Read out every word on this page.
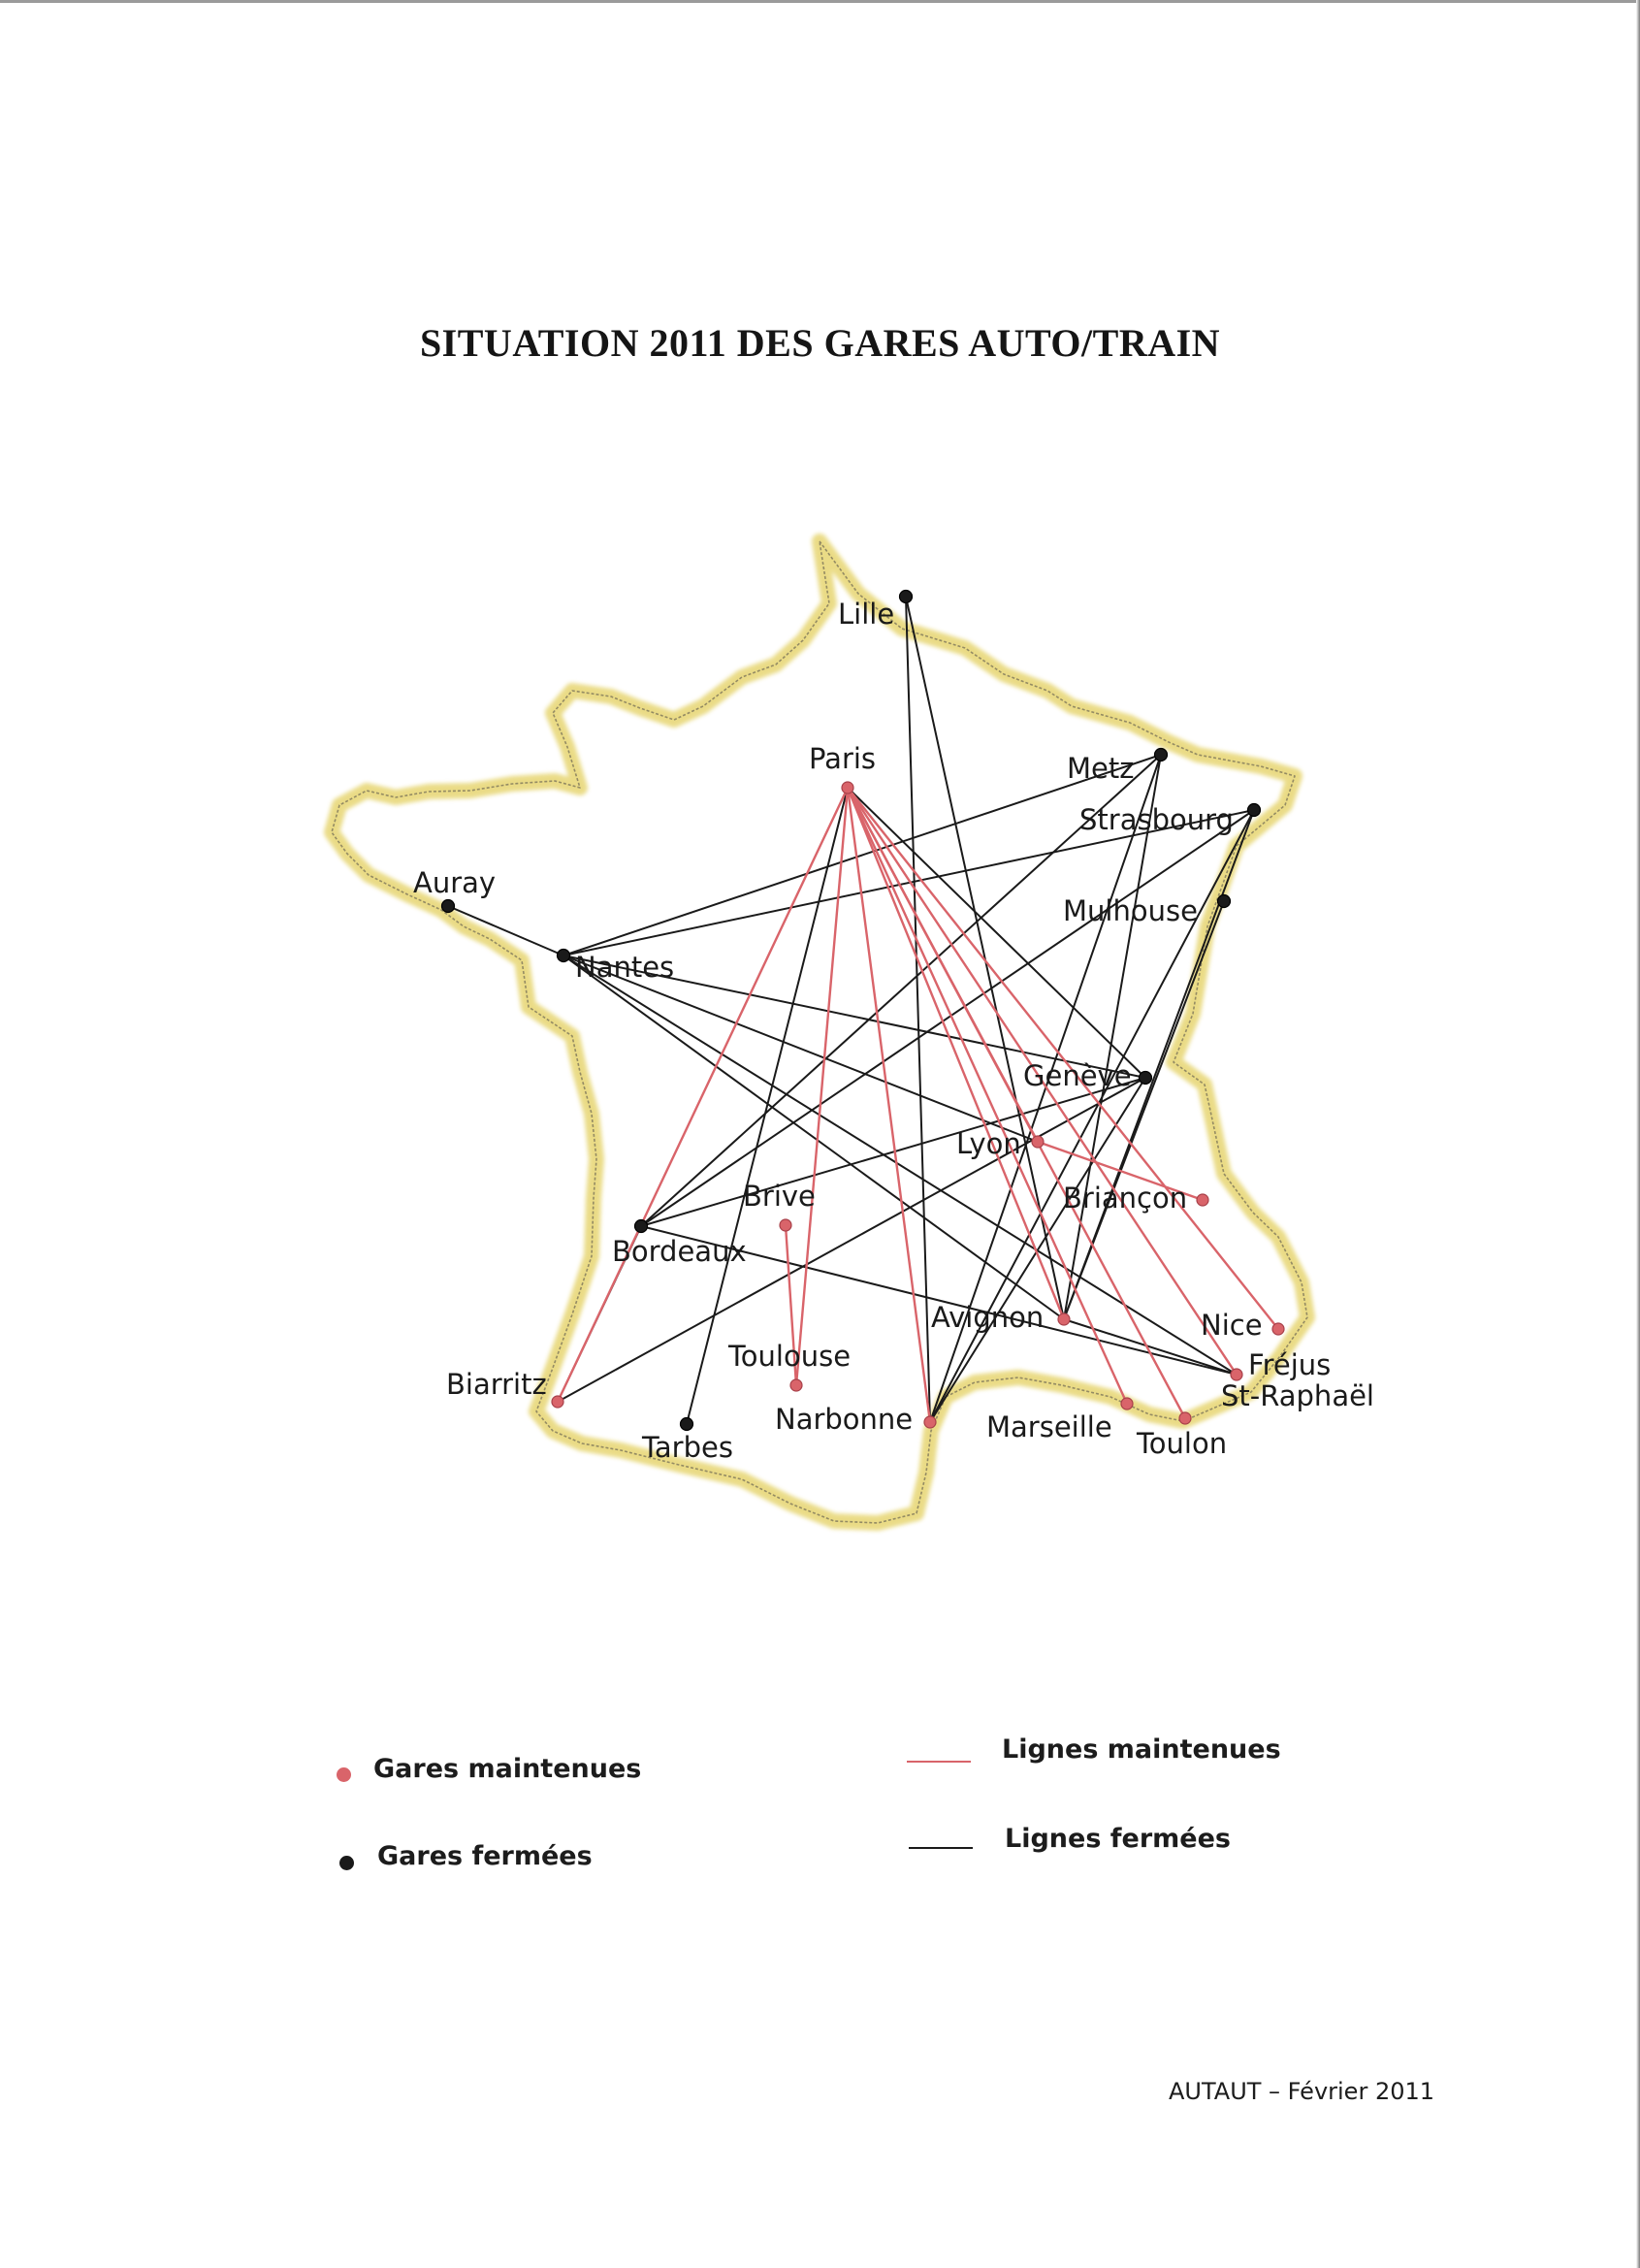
SITUATION 2011 DES GARES AUTO/TRAIN
Lille
Paris	Metz
Strasbourg
Mulhouse
Auray
Nantes
Genève
Lyon
Briançon
Brive
Bordeaux
Avignon	Nice
Fréjus St-Raphaël
Toulouse
Biarritz
Narbonne	Marseille Toulon
Tarbes
Gares maintenues
Gares fermées
Lignes maintenues
Lignes fermées
AUTAUT – Février 2011
